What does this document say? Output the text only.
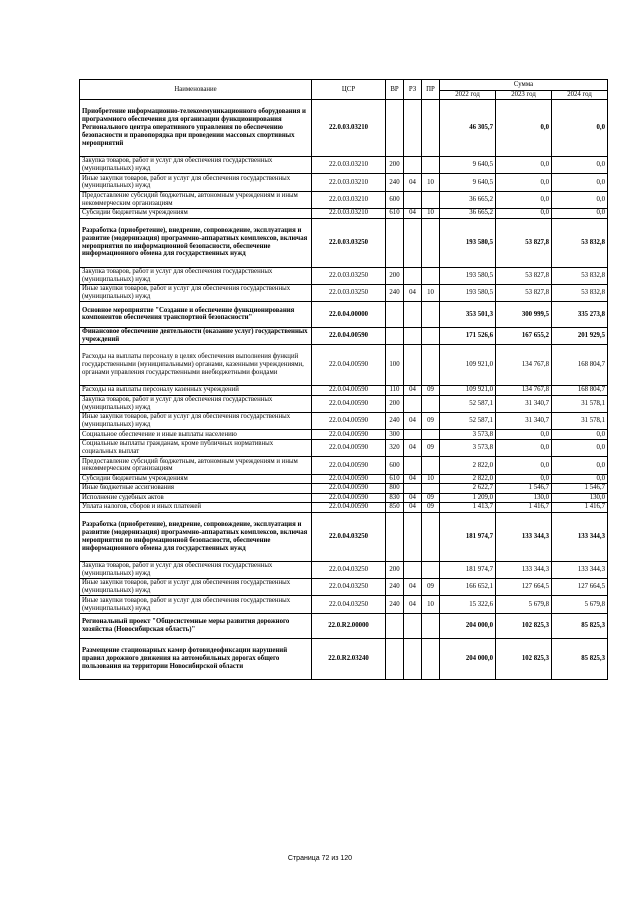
Наименование	ЦСР	ВР	РЗ	ПР	Сумма		
					2022 год	2023 год	2024 год
Приобретение информационно-телекоммуникационного оборудования и программного обеспечения для организации функционирования Регионального центра оперативного управления по обеспечению безопасности и правопорядка при проведении массовых спортивных мероприятий	22.0.03.03210				46 305,7	0,0	0,0
Закупка товаров, работ и услуг для обеспечения государственных (муниципальных) нужд	22.0.03.03210	200			9 640,5	0,0	0,0
Иные закупки товаров, работ и услуг для обеспечения государственных (муниципальных) нужд	22.0.03.03210	240	04	10	9 640,5	0,0	0,0
Предоставление субсидий бюджетным, автономным учреждениям и иным некоммерческим организациям	22.0.03.03210	600			36 665,2	0,0	0,0
Субсидии бюджетным учреждениям	22.0.03.03210	610	04	10	36 665,2	0,0	0,0
Разработка (приобретение), внедрение, сопровождение, эксплуатация и развитие (модернизация) программно-аппаратных комплексов, включая мероприятия по информационной безопасности, обеспечение информационного обмена для государственных нужд	22.0.03.03250				193 580,5	53 827,8	53 832,8
Закупка товаров, работ и услуг для обеспечения государственных (муниципальных) нужд	22.0.03.03250	200			193 580,5	53 827,8	53 832,8
Иные закупки товаров, работ и услуг для обеспечения государственных (муниципальных) нужд	22.0.03.03250	240	04	10	193 580,5	53 827,8	53 832,8
Основное мероприятие "Создание и обеспечение функционирования компонентов обеспечения транспортной безопасности"	22.0.04.00000				353 501,3	300 999,5	335 273,8
Финансовое обеспечение деятельности (оказание услуг) государственных учреждений	22.0.04.00590				171 526,6	167 655,2	201 929,5
Расходы на выплаты персоналу в целях обеспечения выполнения функций государственными (муниципальными) органами, казенными учреждениями, органами управления государственными внебюджетными фондами	22.0.04.00590	100			109 921,0	134 767,8	168 804,7
Расходы на выплаты персоналу казенных учреждений	22.0.04.00590	110	04	09	109 921,0	134 767,8	168 804,7
Закупка товаров, работ и услуг для обеспечения государственных (муниципальных) нужд	22.0.04.00590	200			52 587,1	31 340,7	31 578,1
Иные закупки товаров, работ и услуг для обеспечения государственных (муниципальных) нужд	22.0.04.00590	240	04	09	52 587,1	31 340,7	31 578,1
Социальное обеспечение и иные выплаты населению	22.0.04.00590	300			3 573,8	0,0	0,0
Социальные выплаты гражданам, кроме публичных нормативных социальных выплат	22.0.04.00590	320	04	09	3 573,8	0,0	0,0
Предоставление субсидий бюджетным, автономным учреждениям и иным некоммерческим организациям	22.0.04.00590	600			2 822,0	0,0	0,0
Субсидии бюджетным учреждениям	22.0.04.00590	610	04	10	2 822,0	0,0	0,0
Иные бюджетные ассигнования	22.0.04.00590	800			2 622,7	1 546,7	1 546,7
Исполнение судебных актов	22.0.04.00590	830	04	09	1 209,0	130,0	130,0
Уплата налогов, сборов и иных платежей	22.0.04.00590	850	04	09	1 413,7	1 416,7	1 416,7
Разработка (приобретение), внедрение, сопровождение, эксплуатация и развитие (модернизация) программно-аппаратных комплексов, включая мероприятия по информационной безопасности, обеспечение информационного обмена для государственных нужд	22.0.04.03250				181 974,7	133 344,3	133 344,3
Закупка товаров, работ и услуг для обеспечения государственных (муниципальных) нужд	22.0.04.03250	200			181 974,7	133 344,3	133 344,3
Иные закупки товаров, работ и услуг для обеспечения государственных (муниципальных) нужд	22.0.04.03250	240	04	09	166 652,1	127 664,5	127 664,5
Иные закупки товаров, работ и услуг для обеспечения государственных (муниципальных) нужд	22.0.04.03250	240	04	10	15 322,6	5 679,8	5 679,8
Региональный проект "Общесистемные меры развития дорожного хозяйства (Новосибирская область)"	22.0.R2.00000				204 000,0	102 825,3	85 825,3
Размещение стационарных камер фотовидеофиксации нарушений правил дорожного движения на автомобильных дорогах общего пользования на территории Новосибирской области	22.0.R2.03240				204 000,0	102 825,3	85 825,3
Страница 72 из 120
